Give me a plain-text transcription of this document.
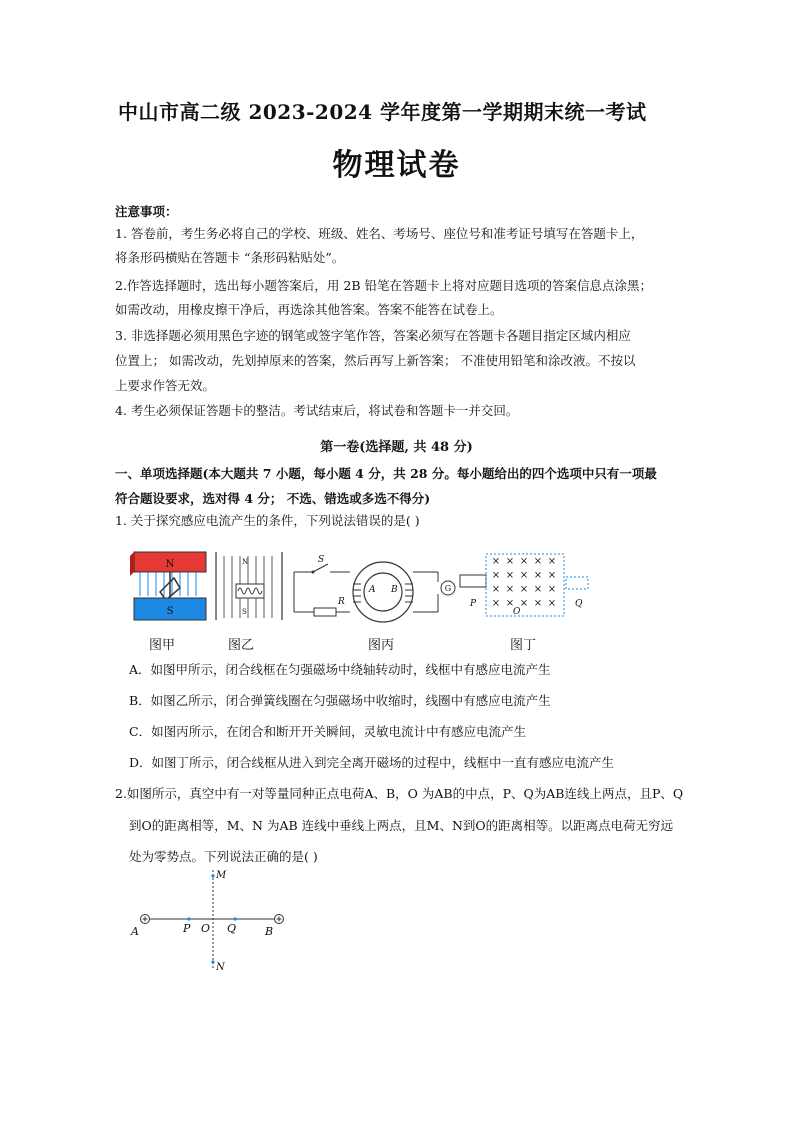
中山市高二级 2023-2024 学年度第一学期期末统一考试
物理试卷
注意事项：
1. 答卷前，考生务必将自己的学校、班级、姓名、考场号、座位号和准考证号填写在答题卡上，
将条形码横贴在答题卡 “条形码粘贴处”。
2.作答选择题时，选出每小题答案后，用 2B 铅笔在答题卡上将对应题目选项的答案信息点涂黑；
如需改动，用橡皮擦干净后，再选涂其他答案。答案不能答在试卷上。
3. 非选择题必须用黑色字迹的钢笔或签字笔作答，答案必须写在答题卡各题目指定区域内相应
位置上； 如需改动，先划掉原来的答案，然后再写上新答案； 不准使用铅笔和涂改液。不按以
上要求作答无效。
4. 考生必须保证答题卡的整洁。考试结束后，将试卷和答题卡一并交回。
第一卷(选择题, 共 48 分)
一、单项选择题(本大题共 7 小题，每小题 4 分，共 28 分。每小题给出的四个选项中只有一项最
符合题设要求，选对得 4 分； 不选、错选或多选不得分)
1. 关于探究感应电流产生的条件，下列说法错误的是( )
N
S
N
S
S
R
A B	G
P
× × × × ×
× × × × ×
× × × × ×
× × × × ×
O
Q
图甲	图乙	图丙	图丁
A．如图甲所示，闭合线框在匀强磁场中绕轴转动时，线框中有感应电流产生
B．如图乙所示，闭合弹簧线圈在匀强磁场中收缩时，线圈中有感应电流产生
C．如图丙所示，在闭合和断开开关瞬间，灵敏电流计中有感应电流产生
D．如图丁所示，闭合线框从进入到完全离开磁场的过程中，线框中一直有感应电流产生
2.如图所示，真空中有一对等量同种正点电荷A、B，O 为AB的中点，P、Q为AB连线上两点，且P、Q
到O的距离相等，M、N 为AB 连线中垂线上两点，且M、N到O的距离相等。以距离点电荷无穷远
处为零势点。下列说法正确的是( )
M
N
A	P O Q	B
